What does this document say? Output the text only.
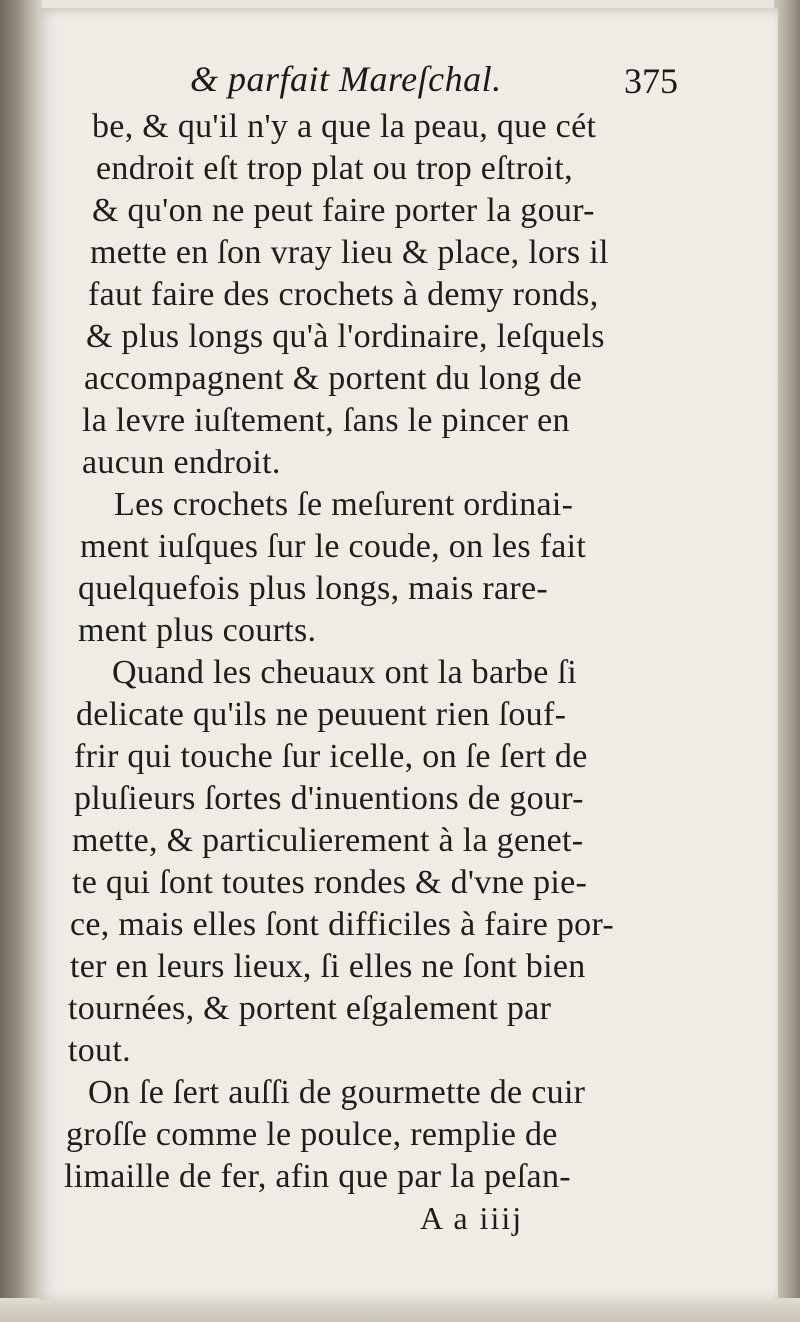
& parfait Mareſchal.	375
be, & qu'il n'y a que la peau, que cét
endroit eſt trop plat ou trop eſtroit,
& qu'on ne peut faire porter la gour-
mette en ſon vray lieu & place, lors il
faut faire des crochets à demy ronds,
& plus longs qu'à l'ordinaire, leſquels
accompagnent & portent du long de
la levre iuſtement, ſans le pincer en
aucun endroit.
Les crochets ſe meſurent ordinai-
ment iuſques ſur le coude, on les fait
quelquefois plus longs, mais rare-
ment plus courts.
Quand les cheuaux ont la barbe ſi
delicate qu'ils ne peuuent rien ſouf-
frir qui touche ſur icelle, on ſe ſert de
pluſieurs ſortes d'inuentions de gour-
mette, & particulierement à la genet-
te qui ſont toutes rondes & d'vne pie-
ce, mais elles ſont difficiles à faire por-
ter en leurs lieux, ſi elles ne ſont bien
tournées, & portent eſgalement par
tout.
On ſe ſert auſſi de gourmette de cuir
groſſe comme le poulce, remplie de
limaille de fer, afin que par la peſan-
A a iiij
